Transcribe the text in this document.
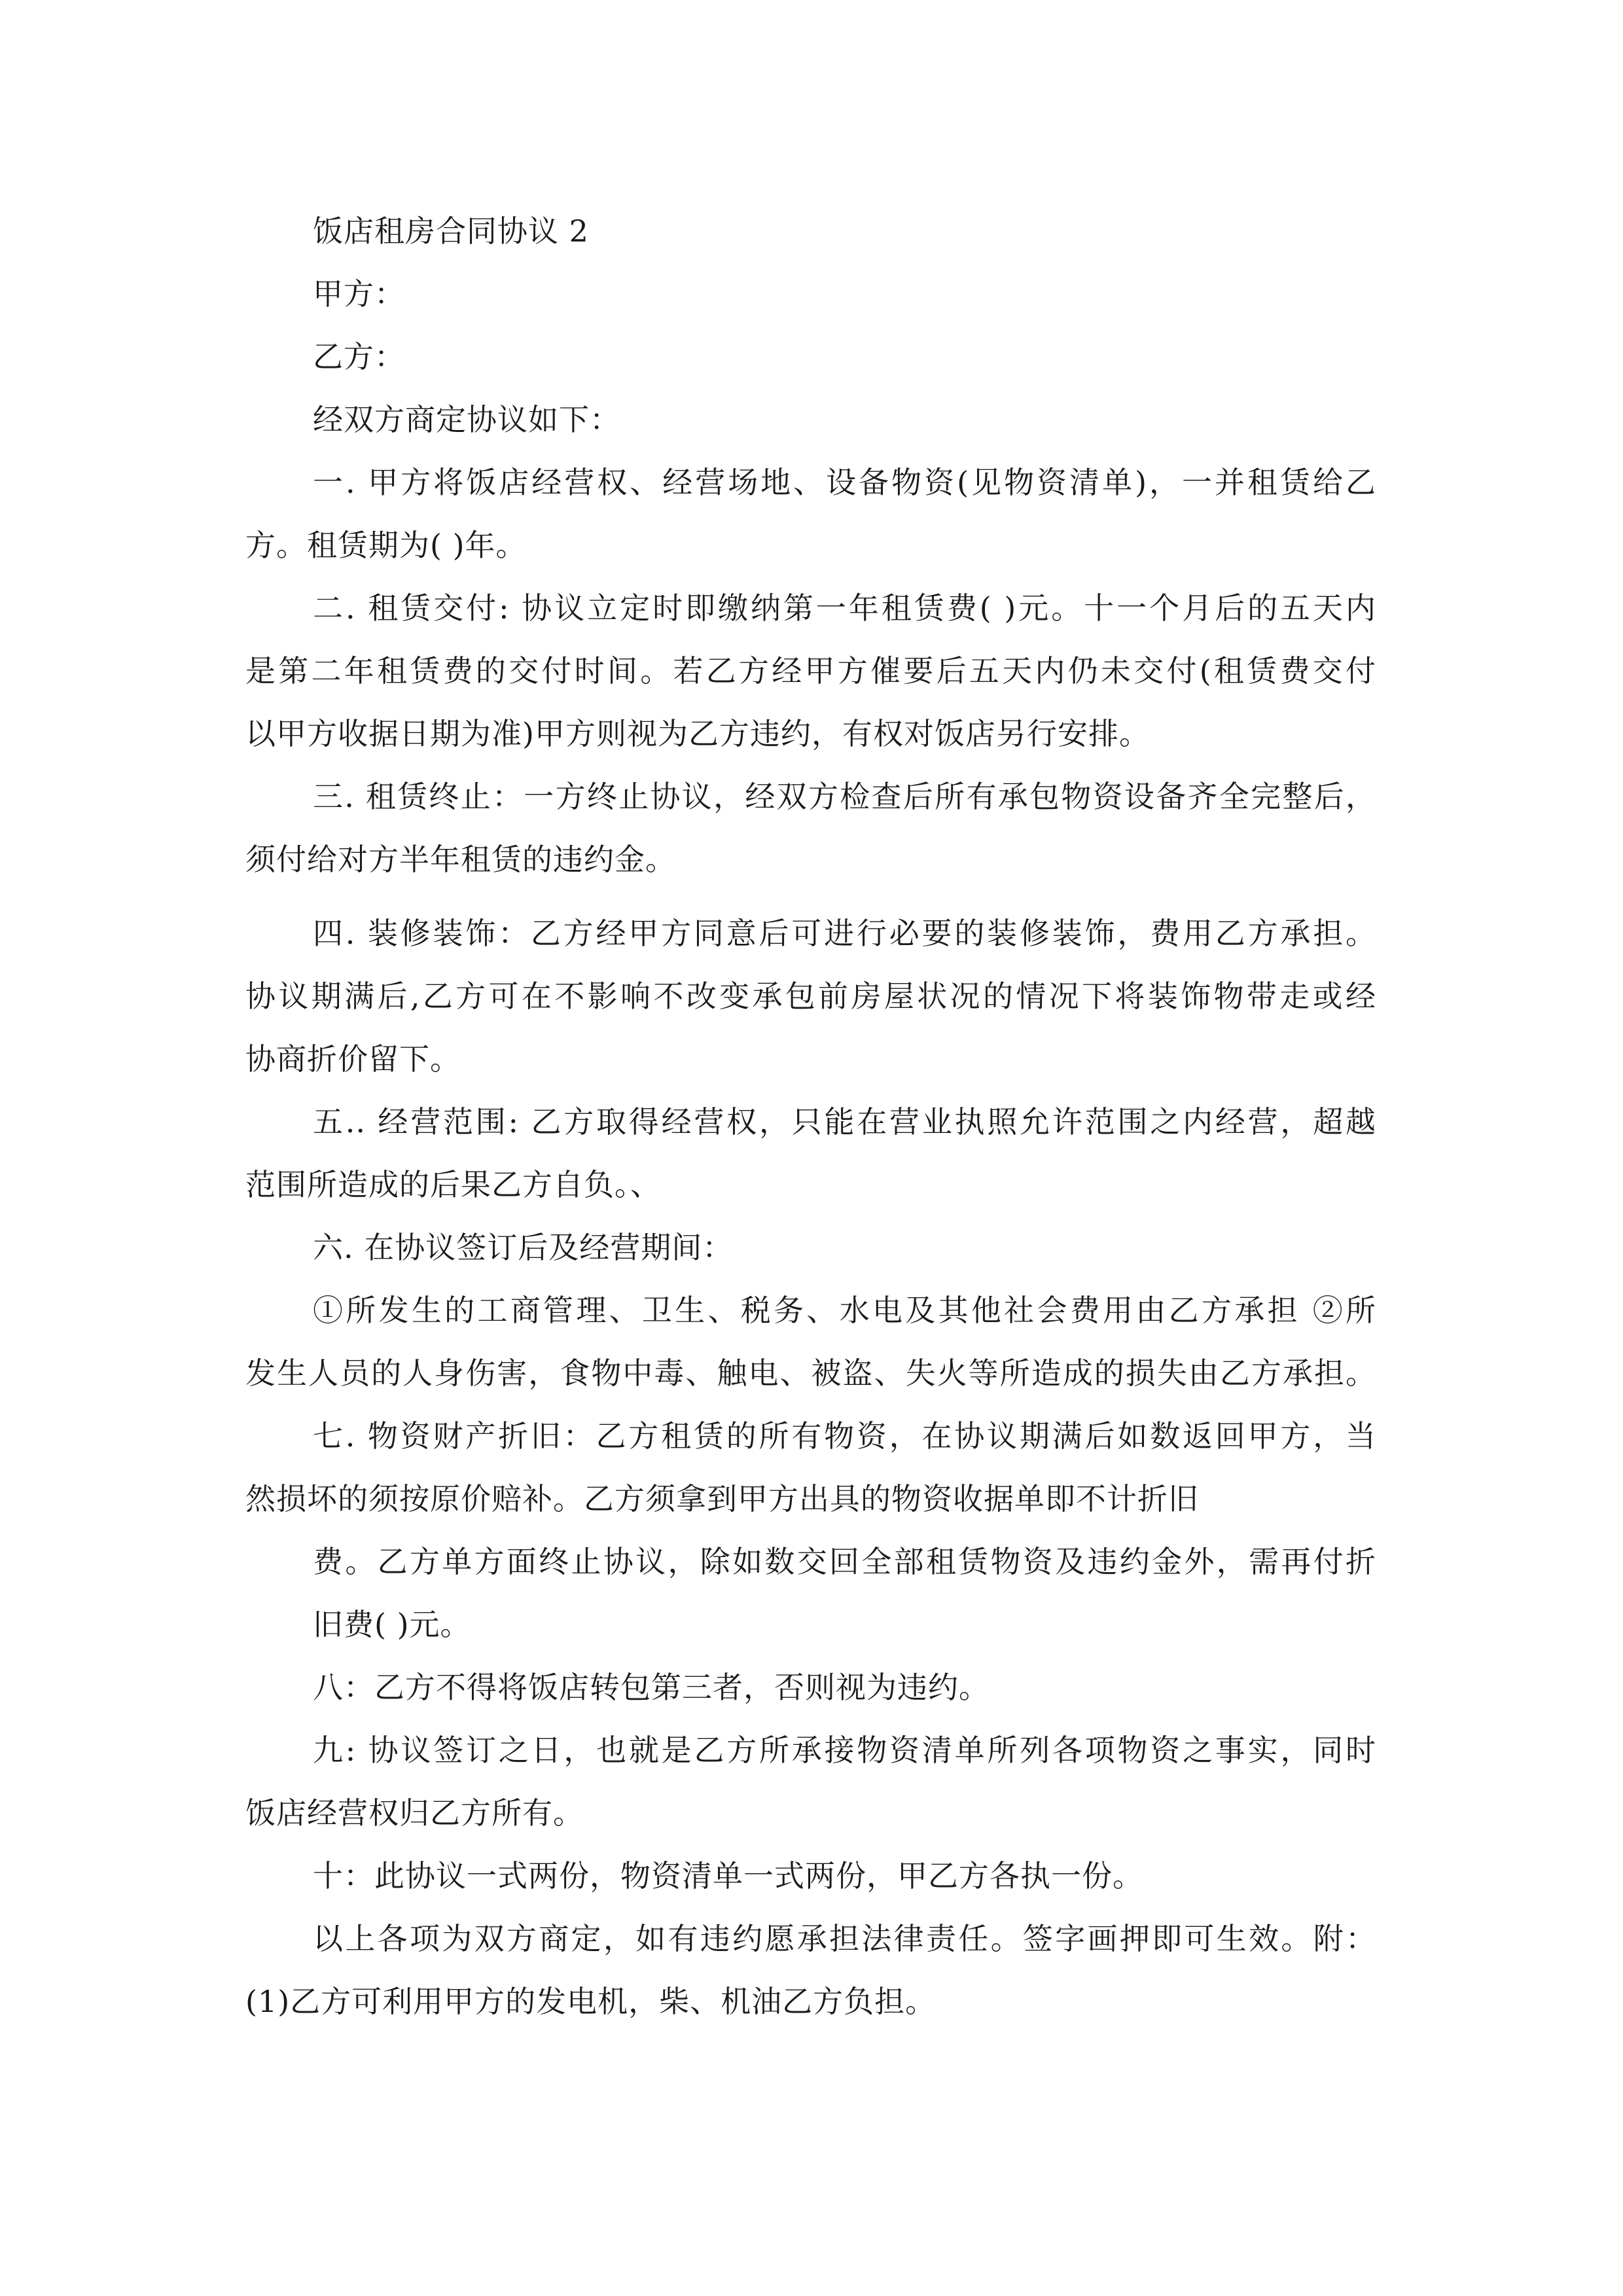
饭店租房合同协议 2
甲方：
乙方：
经双方商定协议如下：
一. 甲方将饭店经营权、经营场地、设备物资(见物资清单)，一并租赁给乙
方。租赁期为( )年。
二. 租赁交付: 协议立定时即缴纳第一年租赁费( )元。十一个月后的五天内
是第二年租赁费的交付时间。若乙方经甲方催要后五天内仍未交付(租赁费交付
以甲方收据日期为准)甲方则视为乙方违约，有权对饭店另行安排。
三. 租赁终止：一方终止协议，经双方检查后所有承包物资设备齐全完整后，
须付给对方半年租赁的违约金。
四. 装修装饰：乙方经甲方同意后可进行必要的装修装饰，费用乙方承担。
协议期满后,乙方可在不影响不改变承包前房屋状况的情况下将装饰物带走或经
协商折价留下。
五.. 经营范围: 乙方取得经营权，只能在营业执照允许范围之内经营，超越
范围所造成的后果乙方自负。、
六. 在协议签订后及经营期间：
①所发生的工商管理、卫生、税务、水电及其他社会费用由乙方承担 ②所
发生人员的人身伤害，食物中毒、触电、被盗、失火等所造成的损失由乙方承担。
七. 物资财产折旧：乙方租赁的所有物资，在协议期满后如数返回甲方，当
然损坏的须按原价赔补。乙方须拿到甲方出具的物资收据单即不计折旧
费。乙方单方面终止协议，除如数交回全部租赁物资及违约金外，需再付折
旧费( )元。
八：乙方不得将饭店转包第三者，否则视为违约。
九: 协议签订之日，也就是乙方所承接物资清单所列各项物资之事实，同时
饭店经营权归乙方所有。
十：此协议一式两份，物资清单一式两份，甲乙方各执一份。
以上各项为双方商定，如有违约愿承担法律责任。签字画押即可生效。附：
(1)乙方可利用甲方的发电机，柴、机油乙方负担。
